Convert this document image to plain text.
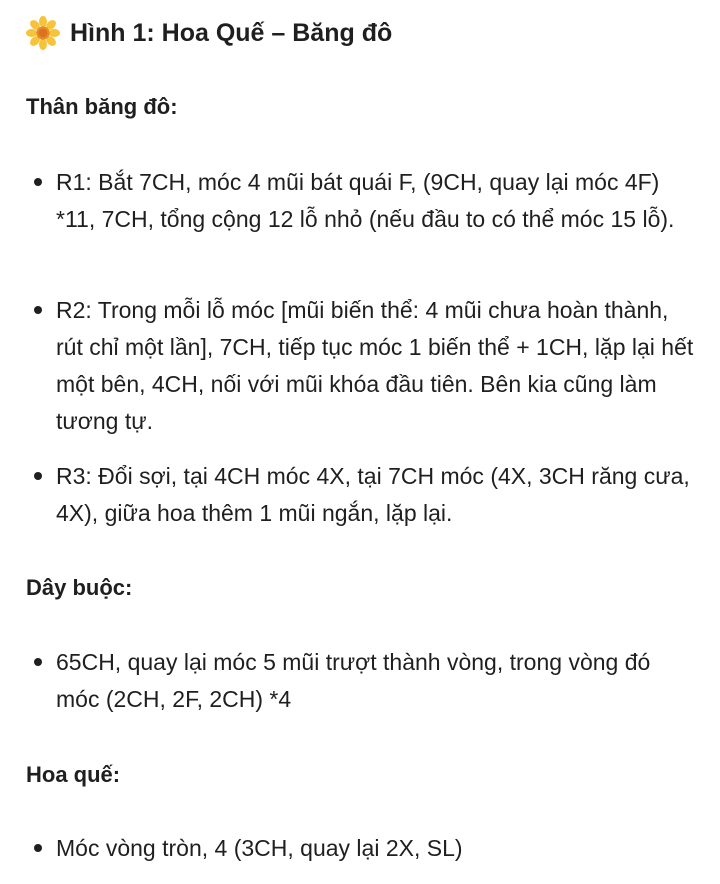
Hình 1: Hoa Quế – Băng đô
Thân băng đô:
R1: Bắt 7CH, móc 4 mũi bát quái F, (9CH, quay lại móc 4F) *11, 7CH, tổng cộng 12 lỗ nhỏ (nếu đầu to có thể móc 15 lỗ).
R2: Trong mỗi lỗ móc [mũi biến thể: 4 mũi chưa hoàn thành, rút chỉ một lần], 7CH, tiếp tục móc 1 biến thể + 1CH, lặp lại hết một bên, 4CH, nối với mũi khóa đầu tiên. Bên kia cũng làm tương tự.
R3: Đổi sợi, tại 4CH móc 4X, tại 7CH móc (4X, 3CH răng cưa, 4X), giữa hoa thêm 1 mũi ngắn, lặp lại.
Dây buộc:
65CH, quay lại móc 5 mũi trượt thành vòng, trong vòng đó móc (2CH, 2F, 2CH) *4
Hoa quế:
Móc vòng tròn, 4 (3CH, quay lại 2X, SL)
